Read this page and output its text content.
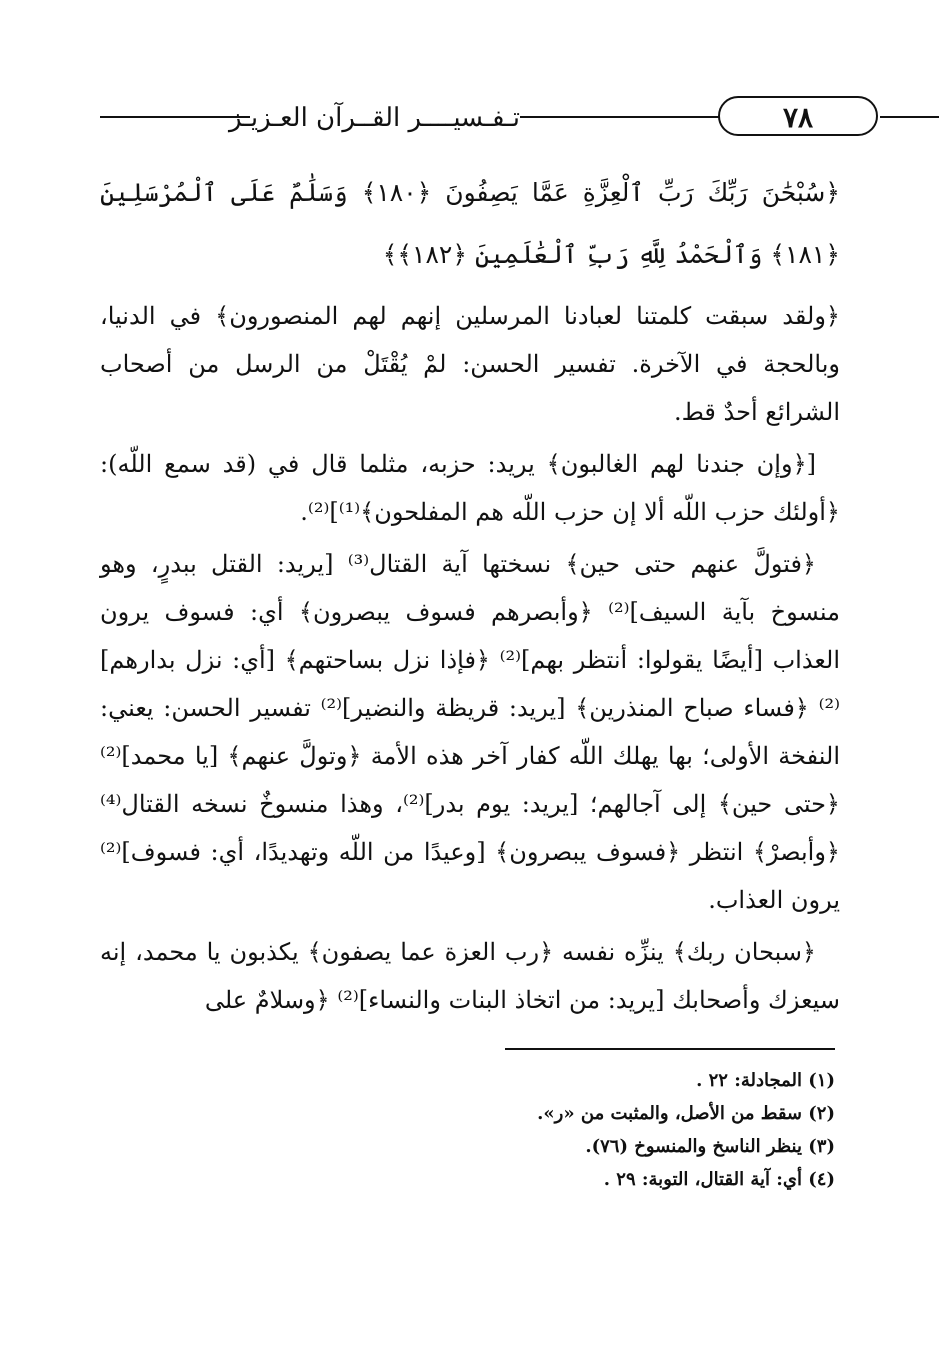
تـفـسيــــر القــرآن العـزيـز	٧٨

﴿سُبْحَٰنَ رَبِّكَ رَبِّ ٱلْعِزَّةِ عَمَّا يَصِفُونَ ﴿١٨٠﴾ وَسَلَٰمٌ عَلَى ٱلْمُرْسَلِينَ ﴿١٨١﴾ وَٱلْحَمْدُ لِلَّهِ رَبِّ ٱلْعَٰلَمِينَ ﴿١٨٢﴾﴾

﴿ولقد سبقت كلمتنا لعبادنا المرسلين إنهم لهم المنصورون﴾ في الدنيا، وبالحجة في الآخرة. تفسير الحسن: لمْ يُقْتَلْ من الرسل من أصحاب الشرائع أحدٌ قط.

[﴿وإن جندنا لهم الغالبون﴾ يريد: حزبه، مثلما قال في (قد سمع اللّه): ﴿أولئك حزب اللّه ألا إن حزب اللّه هم المفلحون﴾⁽¹⁾]⁽²⁾.

﴿فتولَّ عنهم حتى حين﴾ نسختها آية القتال⁽³⁾ [يريد: القتل ببدرٍ، وهو منسوخ بآية السيف]⁽²⁾ ﴿وأبصرهم فسوف يبصرون﴾ أي: فسوف يرون العذاب [أيضًا يقولوا: أنتظر بهم]⁽²⁾ ﴿فإذا نزل بساحتهم﴾ [أي: نزل بدارهم]⁽²⁾ ﴿فساء صباح المنذرين﴾ [يريد: قريظة والنضير]⁽²⁾ تفسير الحسن: يعني: النفخة الأولى؛ بها يهلك اللّه كفار آخر هذه الأمة ﴿وتولَّ عنهم﴾ [يا محمد]⁽²⁾ ﴿حتى حين﴾ إلى آجالهم؛ [يريد: يوم بدر]⁽²⁾، وهذا منسوخٌ نسخه القتال⁽⁴⁾ ﴿وأبصرْ﴾ انتظر ﴿فسوف يبصرون﴾ [وعيدًا من اللّه وتهديدًا، أي: فسوف]⁽²⁾ يرون العذاب.

﴿سبحان ربك﴾ ينزِّه نفسه ﴿رب العزة عما يصفون﴾ يكذبون يا محمد، إنه سيعزك وأصحابك [يريد: من اتخاذ البنات والنساء]⁽²⁾ ﴿وسلامٌ على

(١) المجادلة: ٢٢ .
(٢) سقط من الأصل، والمثبت من «ر».
(٣) ينظر الناسخ والمنسوخ (٧٦).
(٤) أي: آية القتال، التوبة: ٢٩ .
